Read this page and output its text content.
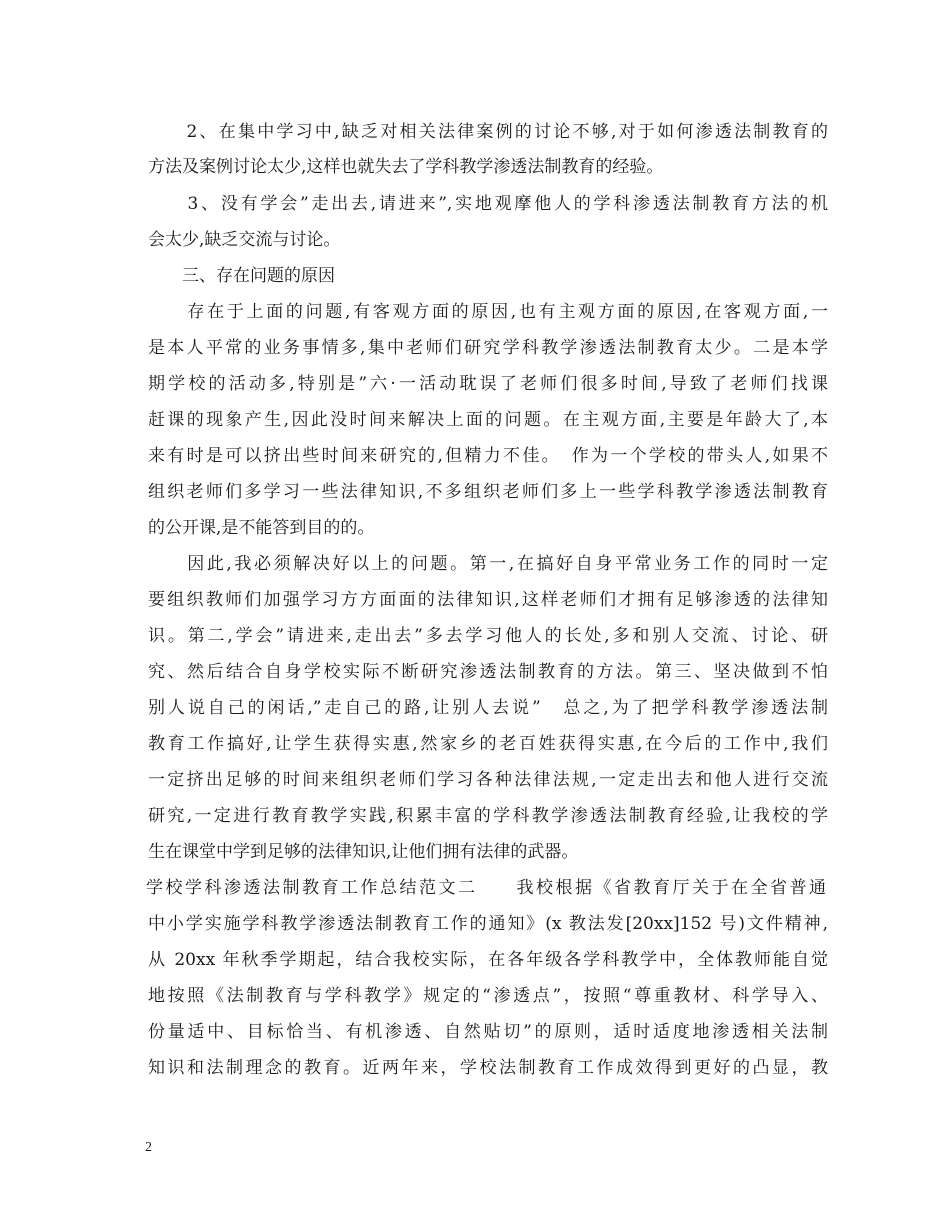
　　2、在集中学习中,缺乏对相关法律案例的讨论不够,对于如何渗透法制教育的
方法及案例讨论太少,这样也就失去了学科教学渗透法制教育的经验。
　　3、没有学会”走出去,请进来”,实地观摩他人的学科渗透法制教育方法的机
会太少,缺乏交流与讨论。
　　三、存在问题的原因
　　存在于上面的问题,有客观方面的原因,也有主观方面的原因,在客观方面,一
是本人平常的业务事情多,集中老师们研究学科教学渗透法制教育太少。二是本学
期学校的活动多,特别是”六·一活动耽误了老师们很多时间,导致了老师们找课
赶课的现象产生,因此没时间来解决上面的问题。在主观方面,主要是年龄大了,本
来有时是可以挤出些时间来研究的,但精力不佳。　作为一个学校的带头人,如果不
组织老师们多学习一些法律知识,不多组织老师们多上一些学科教学渗透法制教育
的公开课,是不能答到目的的。
　　因此,我必须解决好以上的问题。第一,在搞好自身平常业务工作的同时一定
要组织教师们加强学习方方面面的法律知识,这样老师们才拥有足够渗透的法律知
识。第二,学会”请进来,走出去”多去学习他人的长处,多和别人交流、讨论、研
究、然后结合自身学校实际不断研究渗透法制教育的方法。第三、坚决做到不怕
别人说自己的闲话,”走自己的路,让别人去说”　总之,为了把学科教学渗透法制
教育工作搞好,让学生获得实惠,然家乡的老百姓获得实惠,在今后的工作中,我们
一定挤出足够的时间来组织老师们学习各种法律法规,一定走出去和他人进行交流
研究,一定进行教育教学实践,积累丰富的学科教学渗透法制教育经验,让我校的学
生在课堂中学到足够的法律知识,让他们拥有法律的武器。
学校学科渗透法制教育工作总结范文二　　我校根据《省教育厅关于在全省普通
中小学实施学科教学渗透法制教育工作的通知》(x 教法发[20xx]152 号)文件精神,
从 20xx 年秋季学期起，结合我校实际，在各年级各学科教学中，全体教师能自觉
地按照《法制教育与学科教学》规定的“渗透点”，按照“尊重教材、科学导入、
份量适中、目标恰当、有机渗透、自然贴切”的原则，适时适度地渗透相关法制
知识和法制理念的教育。近两年来，学校法制教育工作成效得到更好的凸显，教
2
